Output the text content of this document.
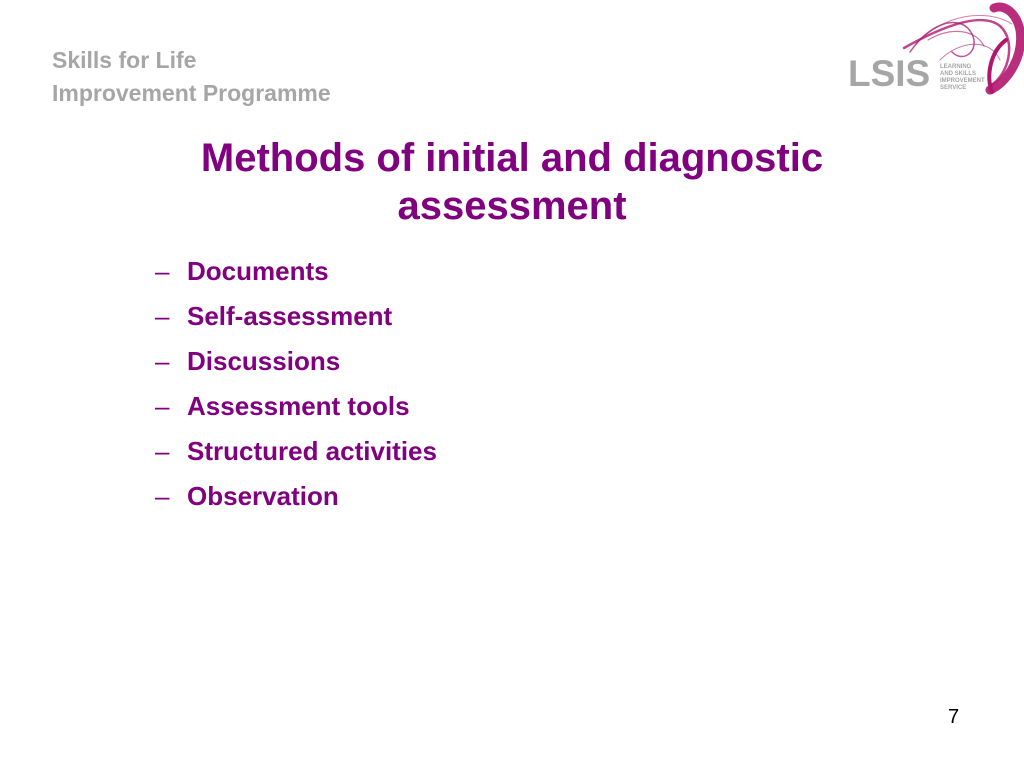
Skills for Life
Improvement Programme	LSIS LEARNING
AND SKILLS
IMPROVEMENT
SERVICE
Methods of initial and diagnostic
assessment
– Documents
– Self-assessment
– Discussions
– Assessment tools
– Structured activities
– Observation
7
